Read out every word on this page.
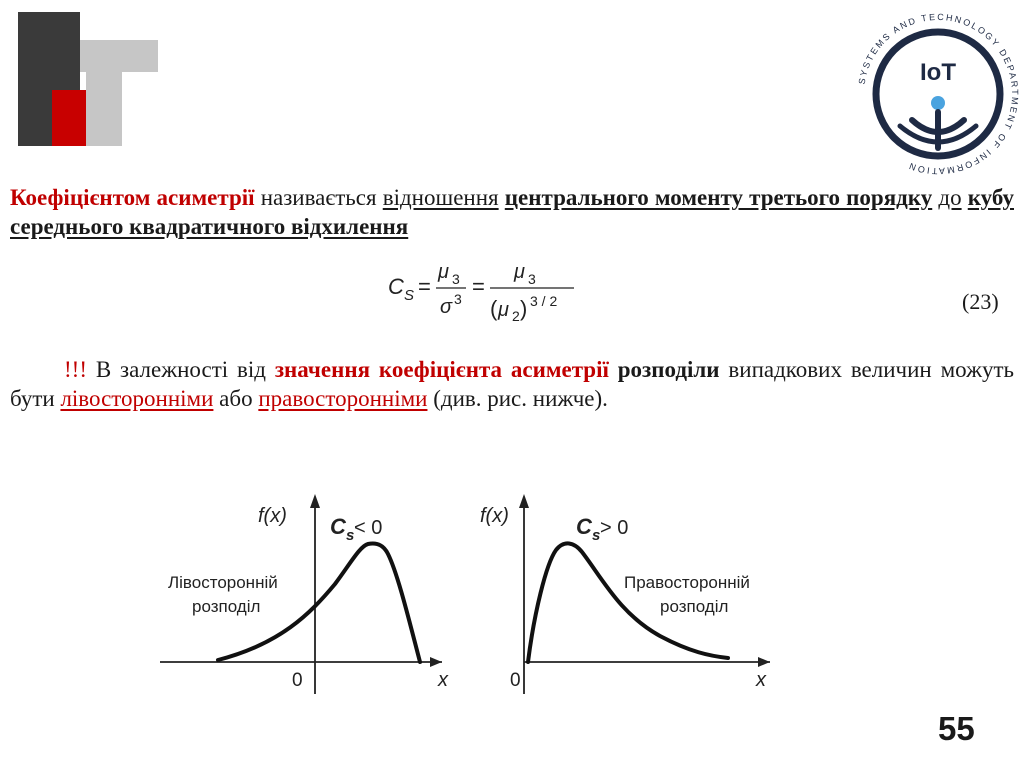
SYSTEMS AND TECHNOLOGY DEPARTMENT OF INFORMATION
IoT
Коефіцієнтом асиметрії називається відношення центрального моменту третього порядку до кубу середнього квадратичного відхилення
C S =
μ 3
σ 3 =
μ 3
( μ 2 ) 3 / 2	(23)
!!! В залежності від значення коефіцієнта асиметрії розподіли випадкових величин можуть бути лівосторонніми або правосторонніми (див. рис. нижче).
f(x) C s < 0
Лівосторонній
розподіл
0	x
f(x)	C s > 0
Правосторонній
розподіл
0	x
55
